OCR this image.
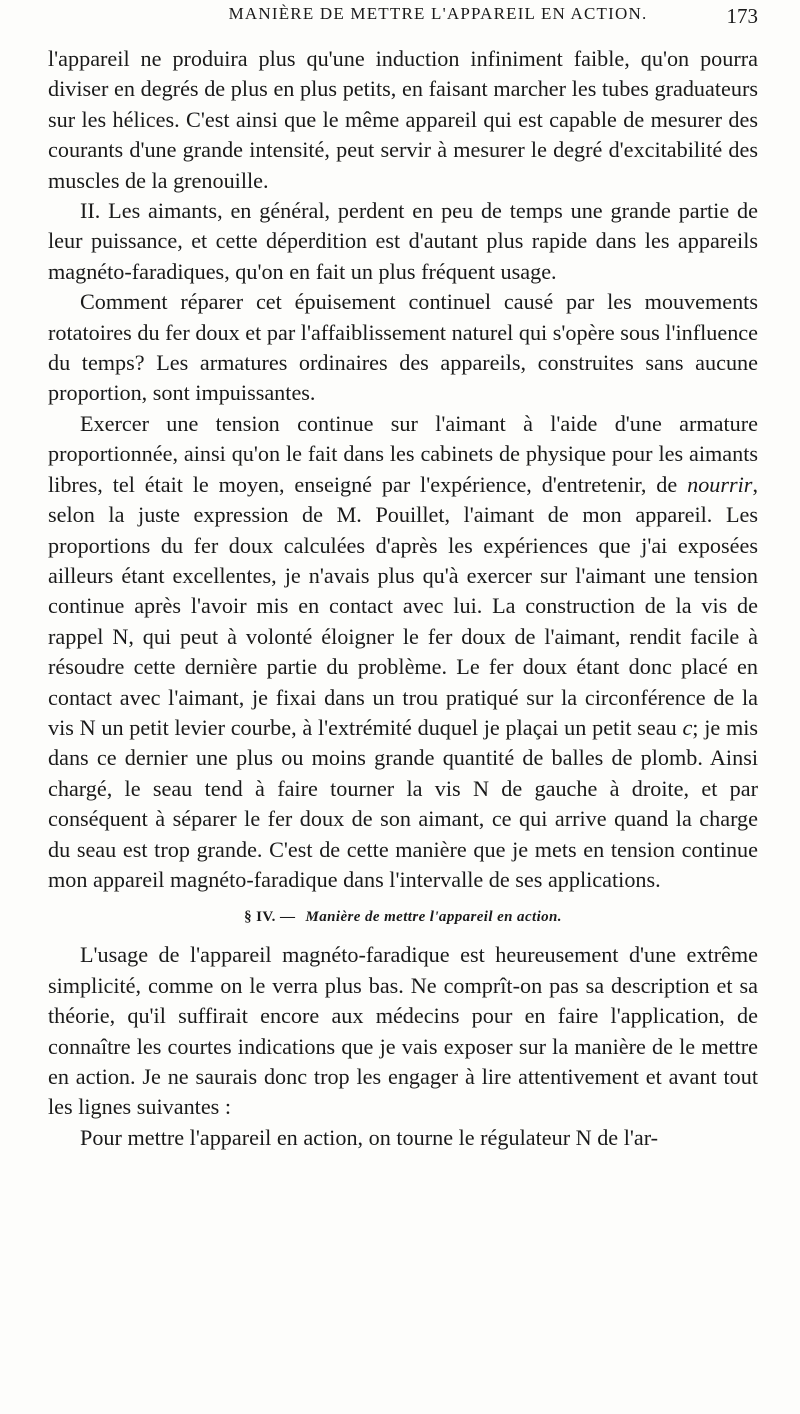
MANIÈRE DE METTRE L'APPAREIL EN ACTION.	173

l'appareil ne produira plus qu'une induction infiniment faible, qu'on pourra diviser en degrés de plus en plus petits, en faisant marcher les tubes graduateurs sur les hélices. C'est ainsi que le même appareil qui est capable de mesurer des courants d'une grande intensité, peut servir à mesurer le degré d'excitabilité des muscles de la grenouille.

II. Les aimants, en général, perdent en peu de temps une grande partie de leur puissance, et cette déperdition est d'autant plus rapide dans les appareils magnéto-faradiques, qu'on en fait un plus fréquent usage.

Comment réparer cet épuisement continuel causé par les mouvements rotatoires du fer doux et par l'affaiblissement naturel qui s'opère sous l'influence du temps? Les armatures ordinaires des appareils, construites sans aucune proportion, sont impuissantes.

Exercer une tension continue sur l'aimant à l'aide d'une armature proportionnée, ainsi qu'on le fait dans les cabinets de physique pour les aimants libres, tel était le moyen, enseigné par l'expérience, d'entretenir, de nourrir, selon la juste expression de M. Pouillet, l'aimant de mon appareil. Les proportions du fer doux calculées d'après les expériences que j'ai exposées ailleurs étant excellentes, je n'avais plus qu'à exercer sur l'aimant une tension continue après l'avoir mis en contact avec lui. La construction de la vis de rappel N, qui peut à volonté éloigner le fer doux de l'aimant, rendit facile à résoudre cette dernière partie du problème. Le fer doux étant donc placé en contact avec l'aimant, je fixai dans un trou pratiqué sur la circonférence de la vis N un petit levier courbe, à l'extrémité duquel je plaçai un petit seau c; je mis dans ce dernier une plus ou moins grande quantité de balles de plomb. Ainsi chargé, le seau tend à faire tourner la vis N de gauche à droite, et par conséquent à séparer le fer doux de son aimant, ce qui arrive quand la charge du seau est trop grande. C'est de cette manière que je mets en tension continue mon appareil magnéto-faradique dans l'intervalle de ses applications.

§ IV. — Manière de mettre l'appareil en action.

L'usage de l'appareil magnéto-faradique est heureusement d'une extrême simplicité, comme on le verra plus bas. Ne comprît-on pas sa description et sa théorie, qu'il suffirait encore aux médecins pour en faire l'application, de connaître les courtes indications que je vais exposer sur la manière de le mettre en action. Je ne saurais donc trop les engager à lire attentivement et avant tout les lignes suivantes :

Pour mettre l'appareil en action, on tourne le régulateur N de l'ar-
